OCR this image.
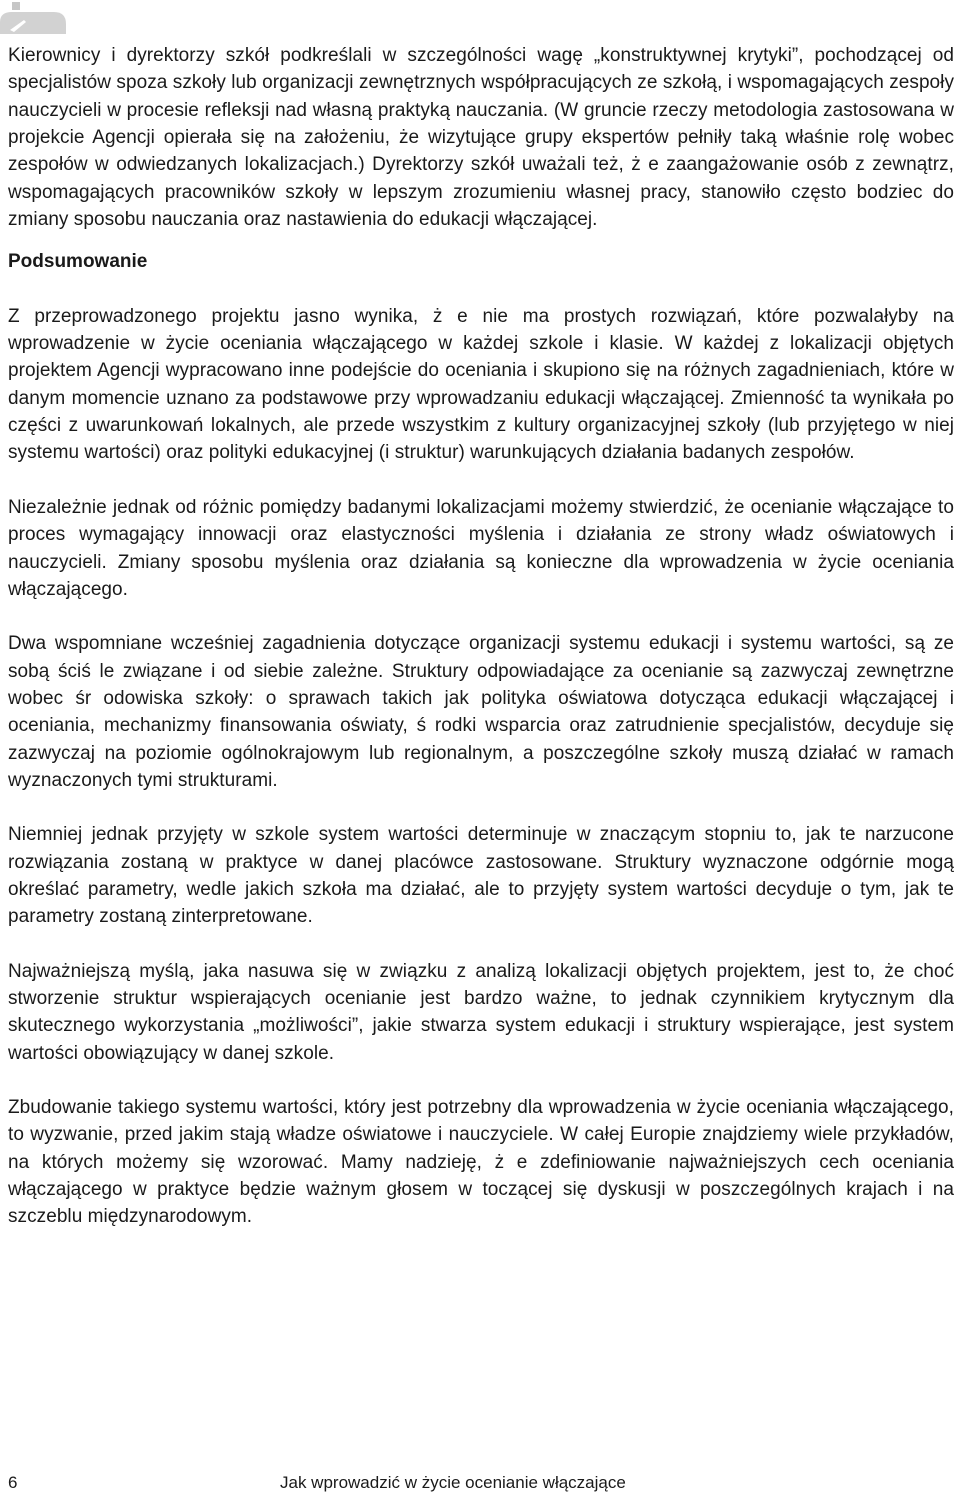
Kierownicy i dyrektorzy szkół podkreślali w szczególności wagę „konstruktywnej krytyki”, pochodzącej od specjalistów spoza szkoły lub organizacji zewnętrznych współpracujących ze szkołą, i wspomagających zespoły nauczycieli w procesie refleksji nad własną praktyką nauczania. (W gruncie rzeczy metodologia zastosowana w projekcie Agencji opierała się na założeniu, że wizytujące grupy ekspertów pełniły taką właśnie rolę wobec zespołów w odwiedzanych lokalizacjach.) Dyrektorzy szkół uważali też, ż e zaangażowanie osób z zewnątrz, wspomagających pracowników szkoły w lepszym zrozumieniu własnej pracy, stanowiło często bodziec do zmiany sposobu nauczania oraz nastawienia do edukacji włączającej.

Podsumowanie

Z przeprowadzonego projektu jasno wynika, ż e nie ma prostych rozwiązań, które pozwalałyby na wprowadzenie w życie oceniania włączającego w każdej szkole i klasie. W każdej z lokalizacji objętych projektem Agencji wypracowano inne podejście do oceniania i skupiono się na różnych zagadnieniach, które w danym momencie uznano za podstawowe przy wprowadzaniu edukacji włączającej. Zmienność ta wynikała po części z uwarunkowań lokalnych, ale przede wszystkim z kultury organizacyjnej szkoły (lub przyjętego w niej systemu wartości) oraz polityki edukacyjnej (i struktur) warunkujących działania badanych zespołów.

Niezależnie jednak od różnic pomiędzy badanymi lokalizacjami możemy stwierdzić, że ocenianie włączające to proces wymagający innowacji oraz elastyczności myślenia i działania ze strony władz oświatowych i nauczycieli. Zmiany sposobu myślenia oraz działania są konieczne dla wprowadzenia w życie oceniania włączającego.

Dwa wspomniane wcześniej zagadnienia dotyczące organizacji systemu edukacji i systemu wartości, są ze sobą ściś le związane i od siebie zależne. Struktury odpowiadające za ocenianie są zazwyczaj zewnętrzne wobec śr odowiska szkoły: o sprawach takich jak polityka oświatowa dotycząca edukacji włączającej i oceniania, mechanizmy finansowania oświaty, ś rodki wsparcia oraz zatrudnienie specjalistów, decyduje się zazwyczaj na poziomie ogólnokrajowym lub regionalnym, a poszczególne szkoły muszą działać w ramach wyznaczonych tymi strukturami.

Niemniej jednak przyjęty w szkole system wartości determinuje w znaczącym stopniu to, jak te narzucone rozwiązania zostaną w praktyce w danej placówce zastosowane. Struktury wyznaczone odgórnie mogą określać parametry, wedle jakich szkoła ma działać, ale to przyjęty system wartości decyduje o tym, jak te parametry zostaną zinterpretowane.

Najważniejszą myślą, jaka nasuwa się w związku z analizą lokalizacji objętych projektem, jest to, że choć stworzenie struktur wspierających ocenianie jest bardzo ważne, to jednak czynnikiem krytycznym dla skutecznego wykorzystania „możliwości”, jakie stwarza system edukacji i struktury wspierające, jest system wartości obowiązujący w danej szkole.

Zbudowanie takiego systemu wartości, który jest potrzebny dla wprowadzenia w życie oceniania włączającego, to wyzwanie, przed jakim stają władze oświatowe i nauczyciele. W całej Europie znajdziemy wiele przykładów, na których możemy się wzorować. Mamy nadzieję, ż e zdefiniowanie najważniejszych cech oceniania włączającego w praktyce będzie ważnym głosem w toczącej się dyskusji w poszczególnych krajach i na szczeblu międzynarodowym.

6	Jak wprowadzić w życie ocenianie włączające
